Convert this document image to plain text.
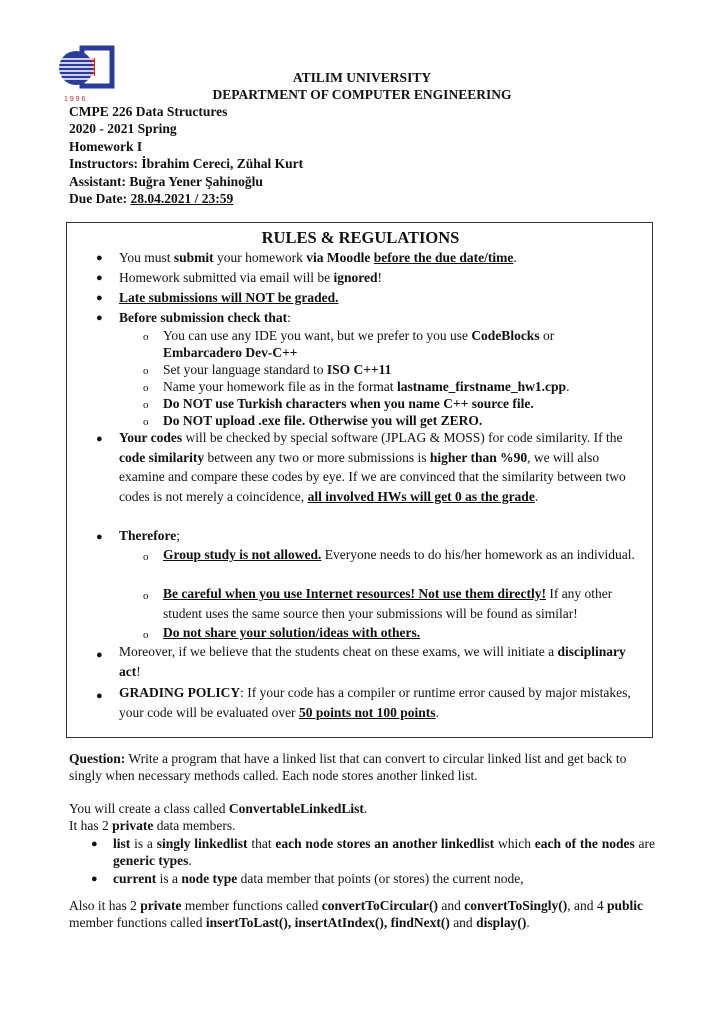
1 9 9 6
ATILIM UNIVERSITY
DEPARTMENT OF COMPUTER ENGINEERING
CMPE 226 Data Structures
2020 - 2021 Spring
Homework I
Instructors: İbrahim Cereci, Zühal Kurt
Assistant: Buğra Yener Şahinoğlu
Due Date: 28.04.2021 / 23:59
RULES & REGULATIONS
● You must submit your homework via Moodle before the due date/time.
● Homework submitted via email will be ignored!
● Late submissions will NOT be graded.
● Before submission check that:
o You can use any IDE you want, but we prefer to you use CodeBlocks or
Embarcadero Dev-C++
o Set your language standard to ISO C++11
o Name your homework file as in the format lastname_firstname_hw1.cpp.
o Do NOT use Turkish characters when you name C++ source file.
o Do NOT upload .exe file. Otherwise you will get ZERO.
● Your codes will be checked by special software (JPLAG & MOSS) for code similarity. If the code similarity between any two or more submissions is higher than %90, we will also examine and compare these codes by eye. If we are convinced that the similarity between two codes is not merely a coincidence, all involved HWs will get 0 as the grade.
● Therefore;
o Group study is not allowed. Everyone needs to do his/her homework as an individual.
o Be careful when you use Internet resources! Not use them directly! If any other student uses the same source then your submissions will be found as similar!
o Do not share your solution/ideas with others.
● Moreover, if we believe that the students cheat on these exams, we will initiate a disciplinary act!
● GRADING POLICY: If your code has a compiler or runtime error caused by major mistakes, your code will be evaluated over 50 points not 100 points.
Question: Write a program that have a linked list that can convert to circular linked list and get back to singly when necessary methods called. Each node stores another linked list.
You will create a class called ConvertableLinkedList.
It has 2 private data members.
● list is a singly linkedlist that each node stores an another linkedlist which each of the nodes are generic types.
● current is a node type data member that points (or stores) the current node,
Also it has 2 private member functions called convertToCircular() and convertToSingly(), and 4 public member functions called insertToLast(), insertAtIndex(), findNext() and display().
